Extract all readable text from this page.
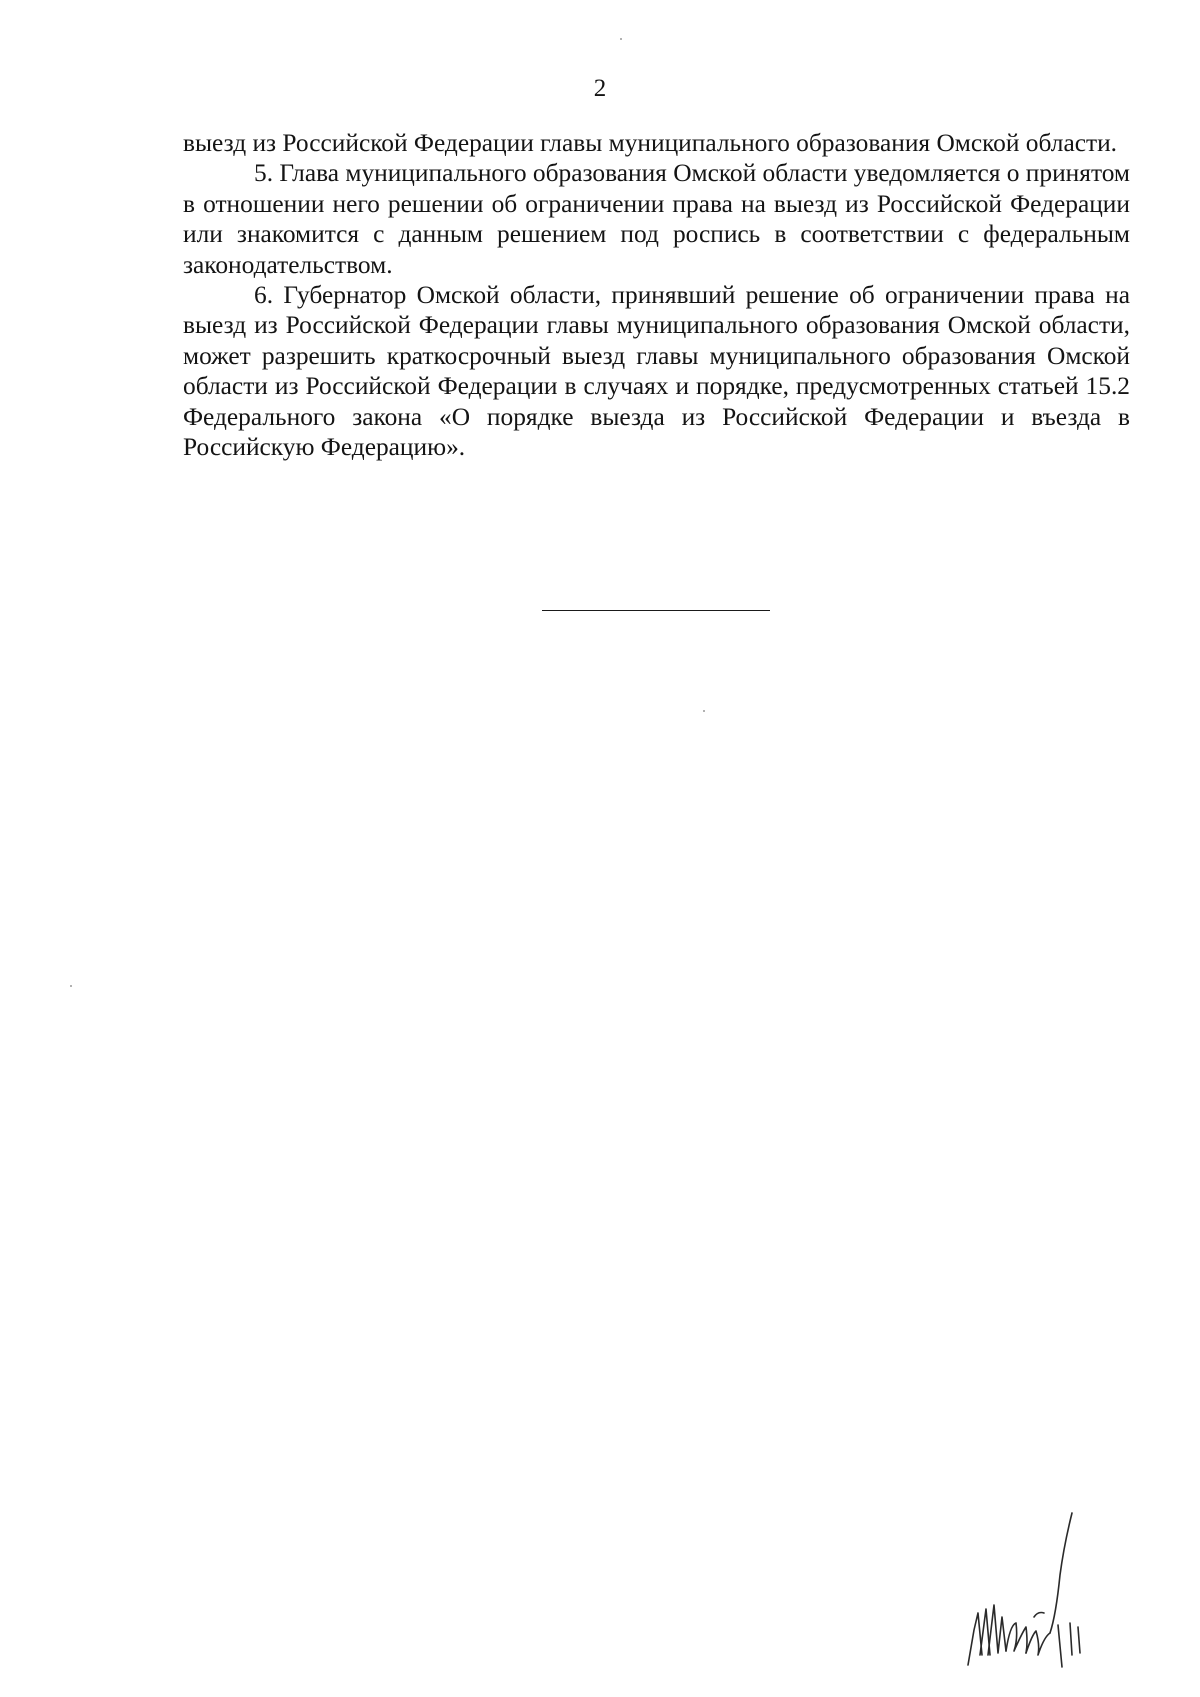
2

выезд из Российской Федерации главы муниципального образования Омской области.

5. Глава муниципального образования Омской области уведомляется о принятом в отношении него решении об ограничении права на выезд из Российской Федерации или знакомится с данным решением под роспись в соответствии с федеральным законодательством.

6. Губернатор Омской области, принявший решение об ограничении права на выезд из Российской Федерации главы муниципального образования Омской области, может разрешить краткосрочный выезд главы муниципального образования Омской области из Российской Федерации в случаях и порядке, предусмотренных статьей 15.2 Федерального закона «О порядке выезда из Российской Федерации и въезда в Российскую Федерацию».
